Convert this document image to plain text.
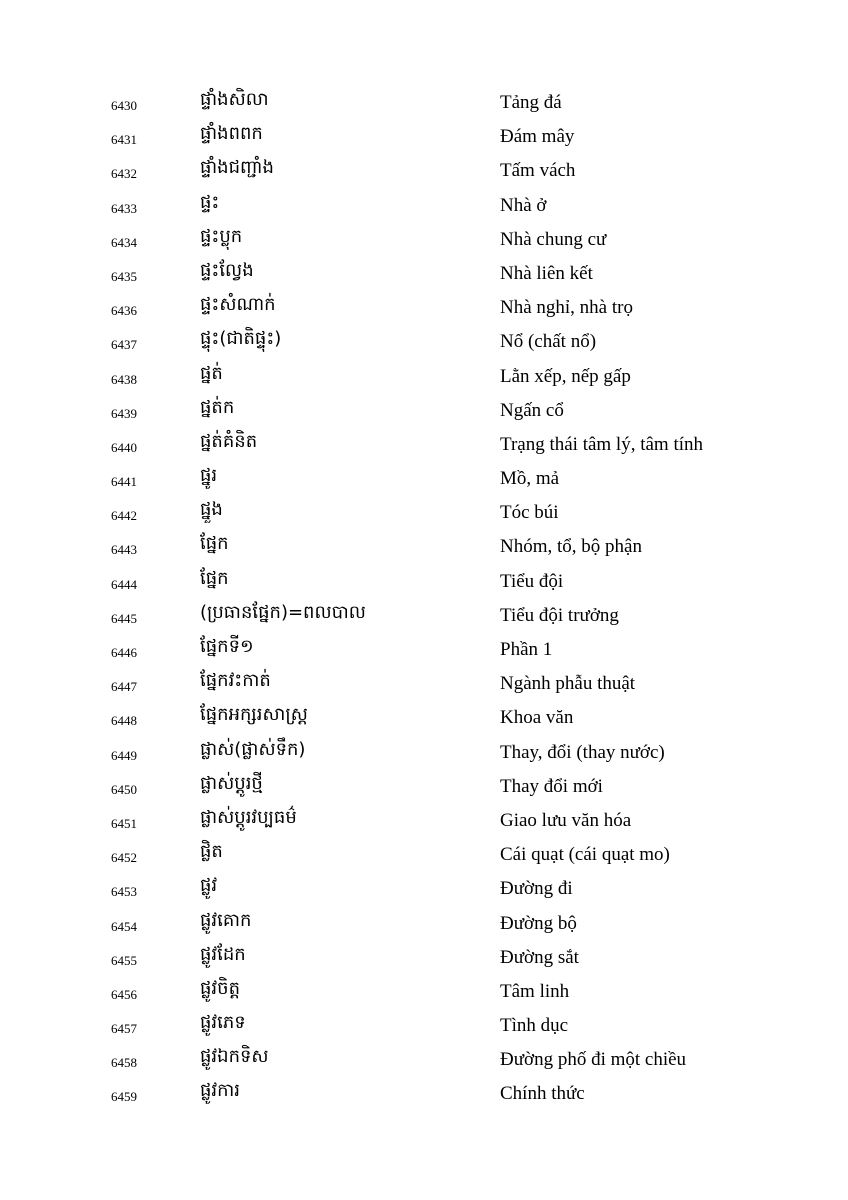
6430	ផ្ទាំងសិលា	Tảng đá
6431	ផ្ទាំងពពក	Đám mây
6432	ផ្ទាំងជញ្ជាំង	Tấm vách
6433	ផ្ទះ	Nhà ở
6434	ផ្ទះប្លុក	Nhà chung cư
6435	ផ្ទះល្វែង	Nhà liên kết
6436	ផ្ទះសំណាក់	Nhà nghỉ, nhà trọ
6437	ផ្ទុះ(ជាតិផ្ទុះ)	Nổ (chất nổ)
6438	ផ្នត់	Lằn xếp, nếp gấp
6439	ផ្នត់ក	Ngấn cổ
6440	ផ្នត់គំនិត	Trạng thái tâm lý, tâm tính
6441	ផ្នូរ	Mồ, mả
6442	ផ្នួង	Tóc búi
6443	ផ្នែក	Nhóm, tổ, bộ phận
6444	ផ្នែក	Tiểu đội
6445	(ប្រធានផ្នែក)=ពលបាល	Tiểu đội trưởng
6446	ផ្នែកទី១	Phần 1
6447	ផ្នែកវះកាត់	Ngành phẫu thuật
6448	ផ្នែកអក្សរសាស្ត្រ	Khoa văn
6449	ផ្លាស់(ផ្លាស់ទឹក)	Thay, đổi (thay nước)
6450	ផ្លាស់ប្តូរថ្មី	Thay đổi mới
6451	ផ្លាស់ប្តូរវប្បធម៌	Giao lưu văn hóa
6452	ផ្លិត	Cái quạt (cái quạt mo)
6453	ផ្លូវ	Đường đi
6454	ផ្លូវគោក	Đường bộ
6455	ផ្លូវដែក	Đường sắt
6456	ផ្លូវចិត្ត	Tâm linh
6457	ផ្លូវភេទ	Tình dục
6458	ផ្លូវឯកទិស	Đường phố đi một chiều
6459	ផ្លូវការ	Chính thức
